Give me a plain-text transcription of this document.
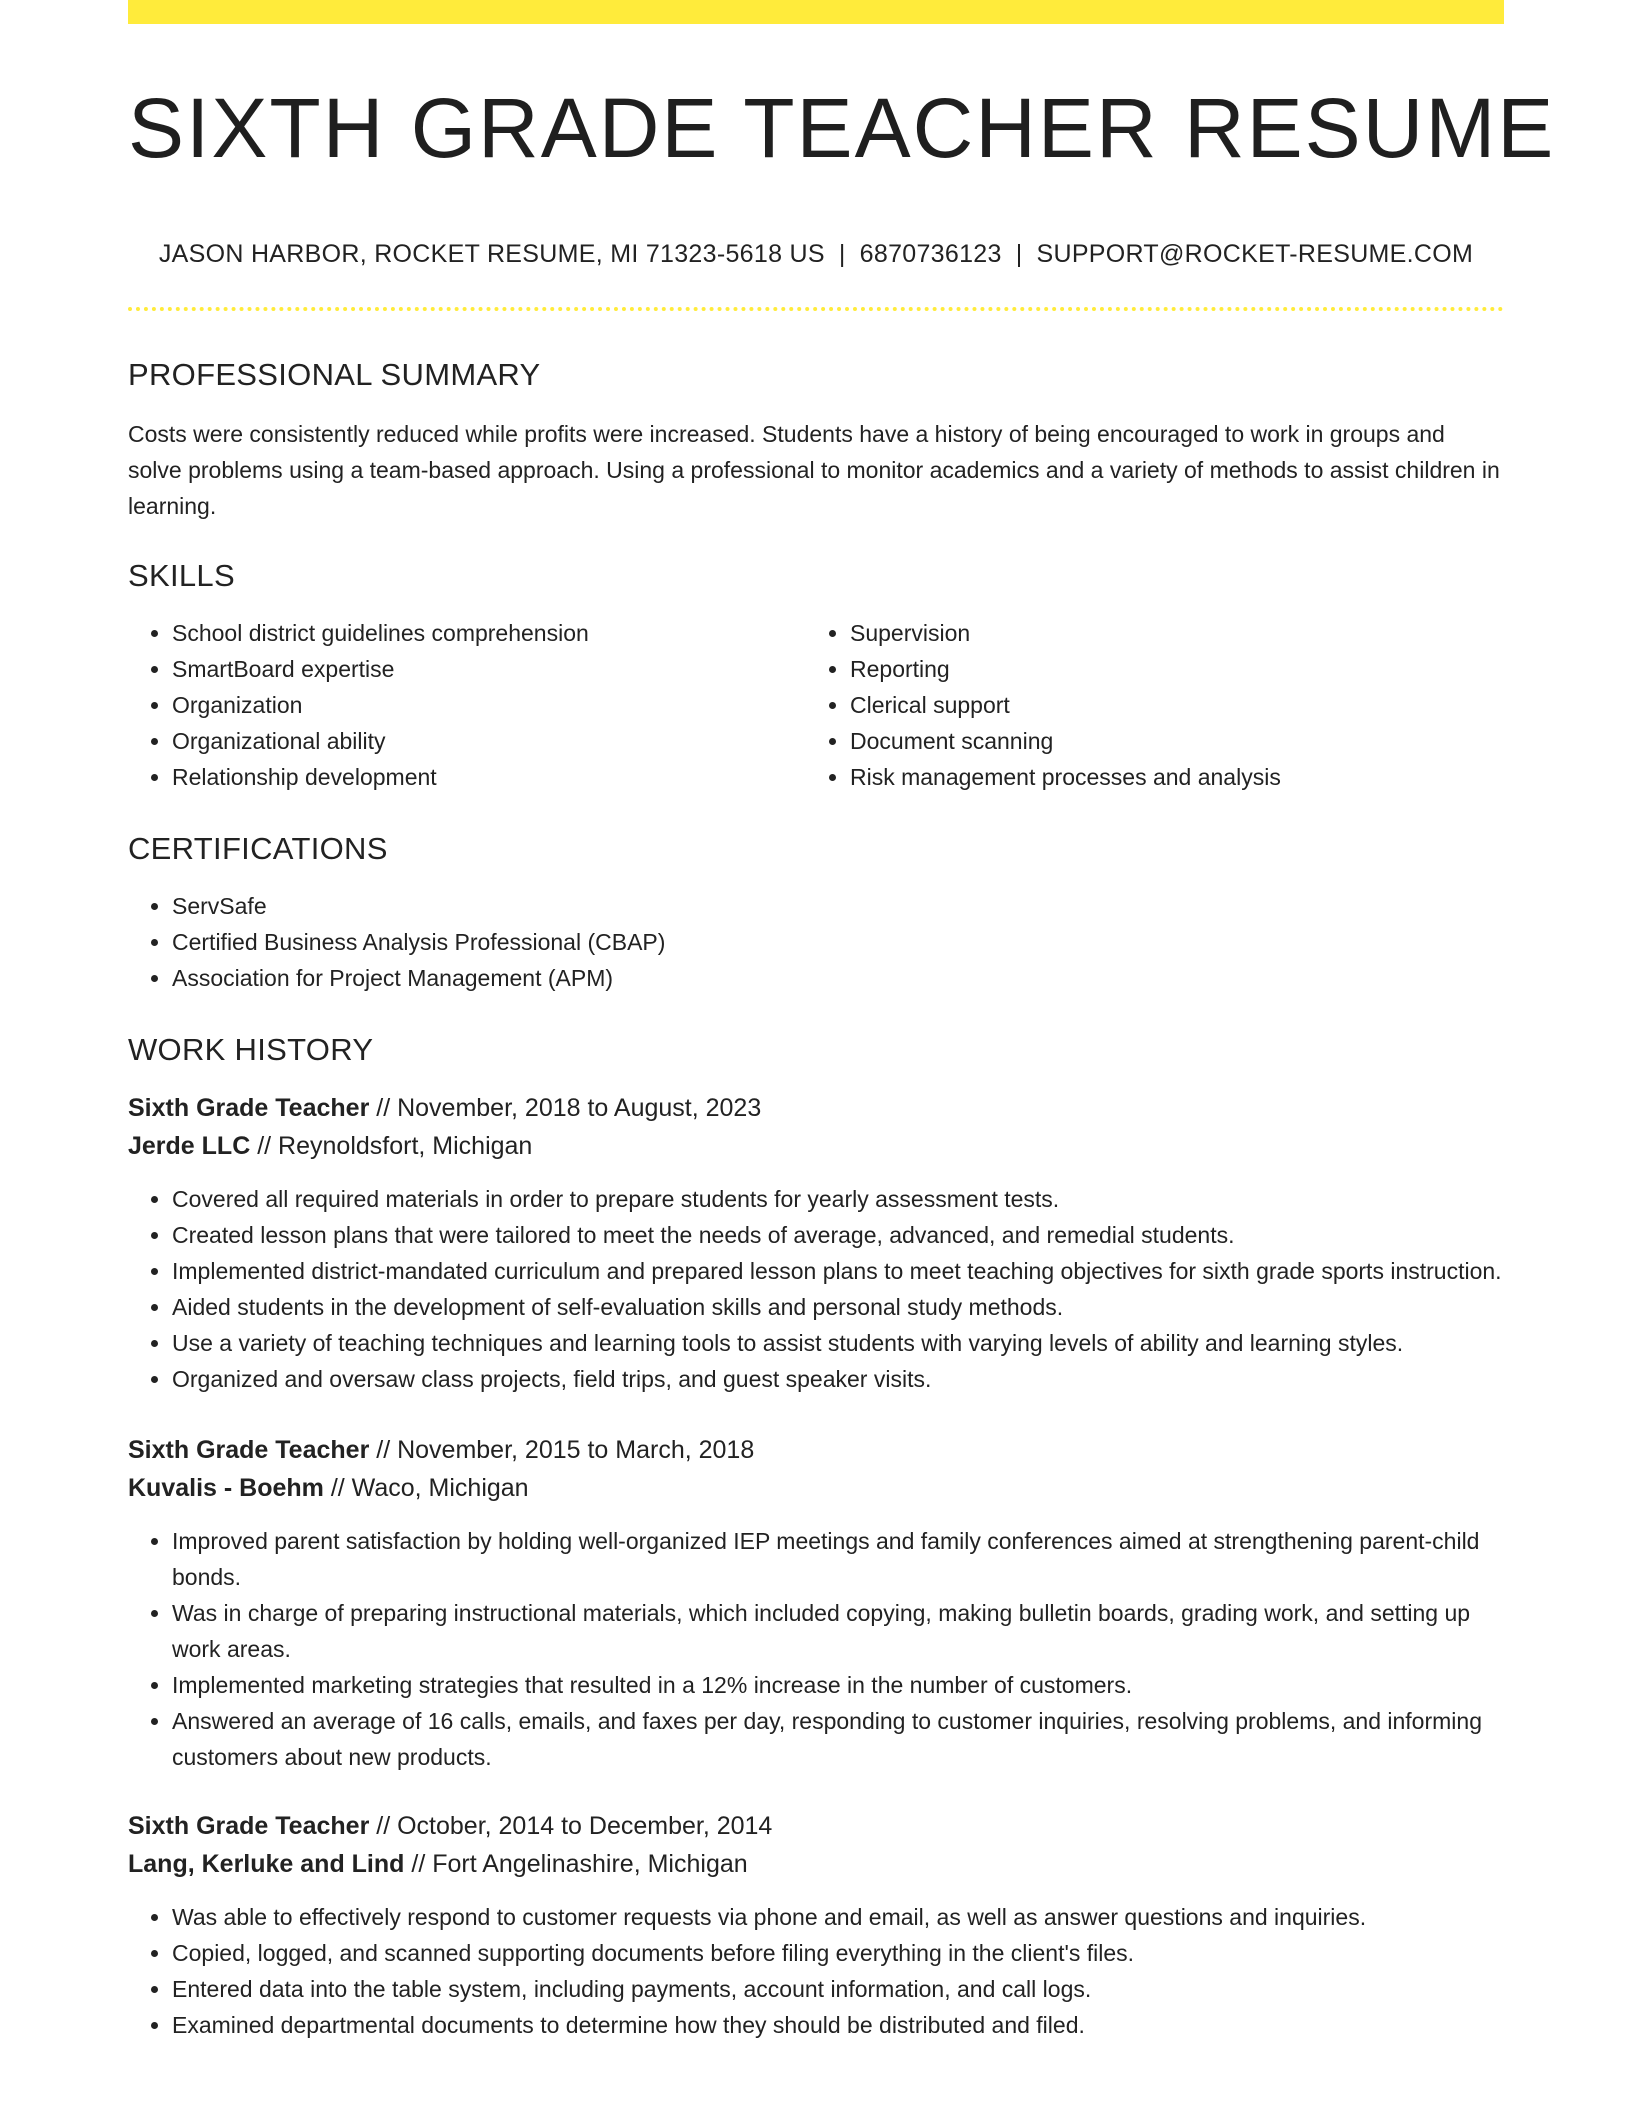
SIXTH GRADE TEACHER RESUME
JASON HARBOR, ROCKET RESUME, MI 71323-5618 US | 6870736123 | SUPPORT@ROCKET-RESUME.COM
PROFESSIONAL SUMMARY

Costs were consistently reduced while profits were increased. Students have a history of being encouraged to work in groups and solve problems using a team-based approach. Using a professional to monitor academics and a variety of methods to assist children in learning.

SKILLS
• School district guidelines comprehension
• SmartBoard expertise
• Organization
• Organizational ability
• Relationship development
• Supervision
• Reporting
• Clerical support
• Document scanning
• Risk management processes and analysis
CERTIFICATIONS
• ServSafe
• Certified Business Analysis Professional (CBAP)
• Association for Project Management (APM)
WORK HISTORY
Sixth Grade Teacher // November, 2018 to August, 2023
Jerde LLC // Reynoldsfort, Michigan
• Covered all required materials in order to prepare students for yearly assessment tests.
• Created lesson plans that were tailored to meet the needs of average, advanced, and remedial students.
• Implemented district-mandated curriculum and prepared lesson plans to meet teaching objectives for sixth grade sports instruction.
• Aided students in the development of self-evaluation skills and personal study methods.
• Use a variety of teaching techniques and learning tools to assist students with varying levels of ability and learning styles.
• Organized and oversaw class projects, field trips, and guest speaker visits.
Sixth Grade Teacher // November, 2015 to March, 2018
Kuvalis - Boehm // Waco, Michigan
• Improved parent satisfaction by holding well-organized IEP meetings and family conferences aimed at strengthening parent-child bonds.
• Was in charge of preparing instructional materials, which included copying, making bulletin boards, grading work, and setting up work areas.
• Implemented marketing strategies that resulted in a 12% increase in the number of customers.
• Answered an average of 16 calls, emails, and faxes per day, responding to customer inquiries, resolving problems, and informing customers about new products.
Sixth Grade Teacher // October, 2014 to December, 2014
Lang, Kerluke and Lind // Fort Angelinashire, Michigan
• Was able to effectively respond to customer requests via phone and email, as well as answer questions and inquiries.
• Copied, logged, and scanned supporting documents before filing everything in the client's files.
• Entered data into the table system, including payments, account information, and call logs.
• Examined departmental documents to determine how they should be distributed and filed.
